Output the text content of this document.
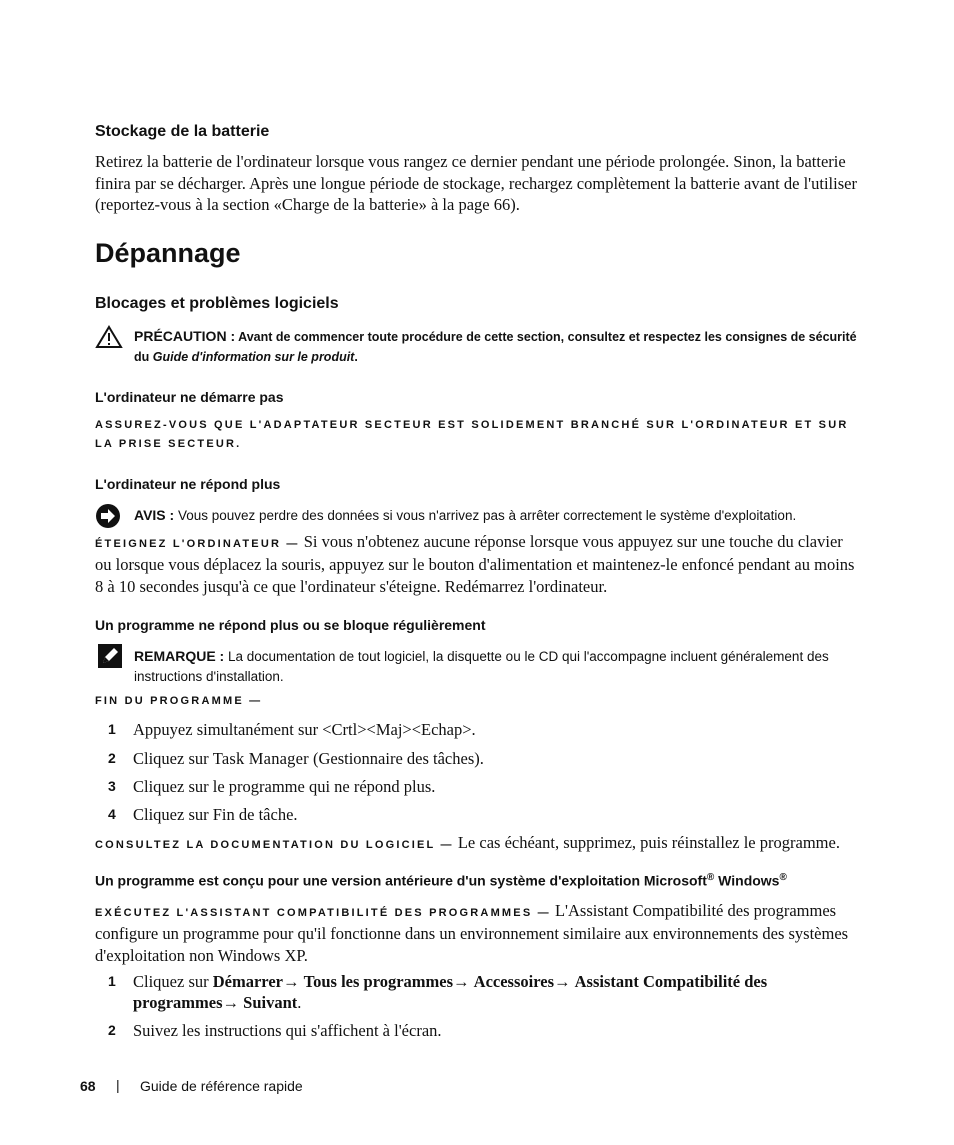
Stockage de la batterie
Retirez la batterie de l'ordinateur lorsque vous rangez ce dernier pendant une période prolongée. Sinon, la batterie finira par se décharger. Après une longue période de stockage, rechargez complètement la batterie avant de l'utiliser (reportez-vous à la section «Charge de la batterie» à la page 66).
Dépannage
Blocages et problèmes logiciels
PRÉCAUTION : Avant de commencer toute procédure de cette section, consultez et respectez les consignes de sécurité du Guide d'information sur le produit.
L'ordinateur ne démarre pas
ASSUREZ-VOUS QUE L'ADAPTATEUR SECTEUR EST SOLIDEMENT BRANCHÉ SUR L'ORDINATEUR ET SUR LA PRISE SECTEUR.
L'ordinateur ne répond plus
AVIS : Vous pouvez perdre des données si vous n'arrivez pas à arrêter correctement le système d'exploitation.
ÉTEIGNEZ L'ORDINATEUR — Si vous n'obtenez aucune réponse lorsque vous appuyez sur une touche du clavier ou lorsque vous déplacez la souris, appuyez sur le bouton d'alimentation et maintenez-le enfoncé pendant au moins 8 à 10 secondes jusqu'à ce que l'ordinateur s'éteigne. Redémarrez l'ordinateur.
Un programme ne répond plus ou se bloque régulièrement
REMARQUE : La documentation de tout logiciel, la disquette ou le CD qui l'accompagne incluent généralement des instructions d'installation.
FIN DU PROGRAMME —
1 Appuyez simultanément sur <Crtl><Maj><Echap>.
2 Cliquez sur Task Manager (Gestionnaire des tâches).
3 Cliquez sur le programme qui ne répond plus.
4 Cliquez sur Fin de tâche.
CONSULTEZ LA DOCUMENTATION DU LOGICIEL — Le cas échéant, supprimez, puis réinstallez le programme.
Un programme est conçu pour une version antérieure d'un système d'exploitation Microsoft® Windows®
EXÉCUTEZ L'ASSISTANT COMPATIBILITÉ DES PROGRAMMES — L'Assistant Compatibilité des programmes configure un programme pour qu'il fonctionne dans un environnement similaire aux environnements des systèmes d'exploitation non Windows XP.
1 Cliquez sur Démarrer→ Tous les programmes→ Accessoires→ Assistant Compatibilité des programmes→ Suivant.
2 Suivez les instructions qui s'affichent à l'écran.
68 | Guide de référence rapide
